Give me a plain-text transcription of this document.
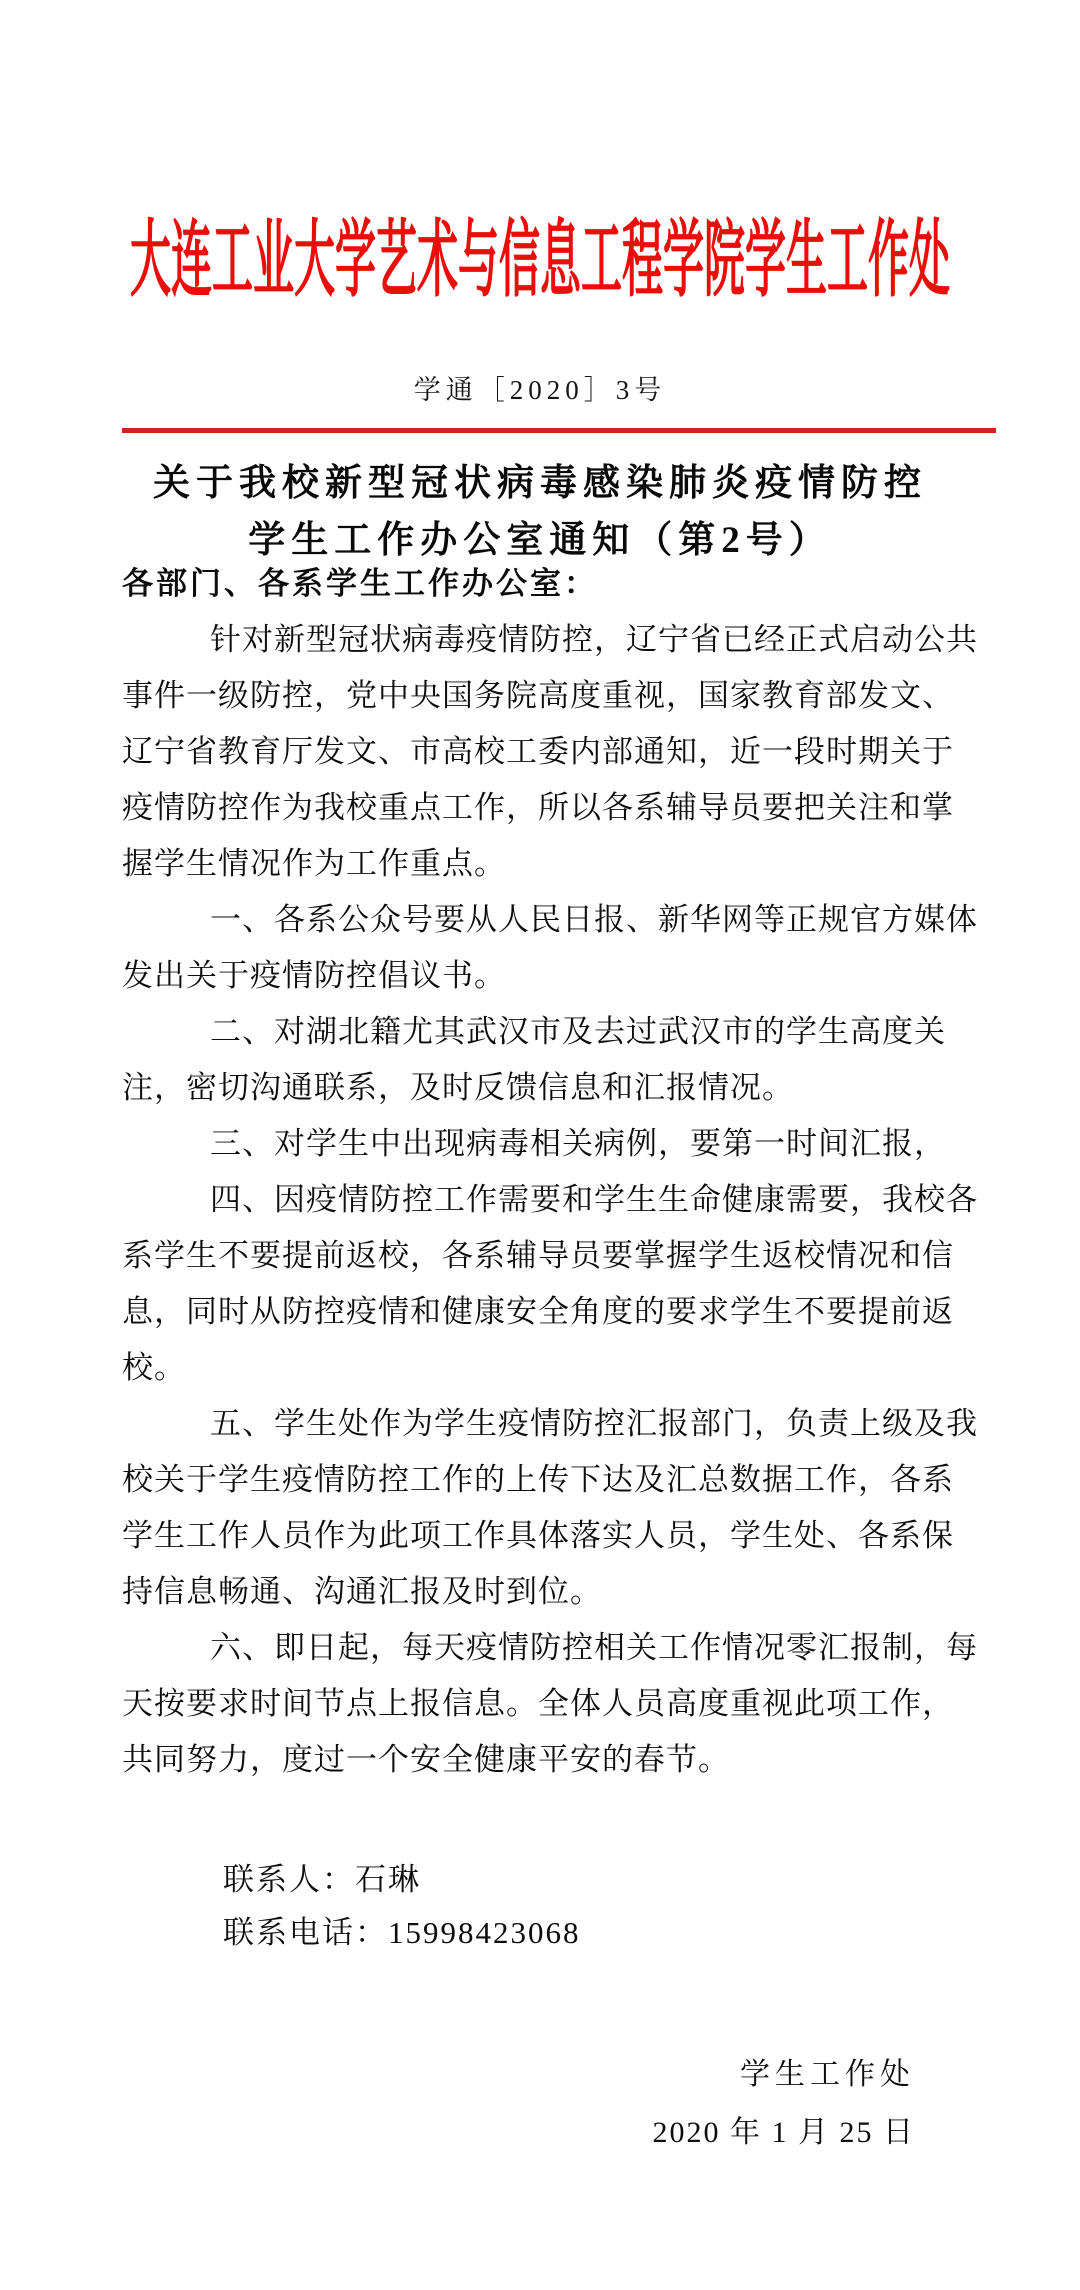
大连工业大学艺术与信息工程学院学生工作处
学通［2020］3号
关于我校新型冠状病毒感染肺炎疫情防控
学生工作办公室通知（第2号）
各部门、各系学生工作办公室：
针对新型冠状病毒疫情防控，辽宁省已经正式启动公共
事件一级防控，党中央国务院高度重视，国家教育部发文、
辽宁省教育厅发文、市高校工委内部通知，近一段时期关于
疫情防控作为我校重点工作，所以各系辅导员要把关注和掌
握学生情况作为工作重点。
一、各系公众号要从人民日报、新华网等正规官方媒体
发出关于疫情防控倡议书。
二、对湖北籍尤其武汉市及去过武汉市的学生高度关
注，密切沟通联系，及时反馈信息和汇报情况。
三、对学生中出现病毒相关病例，要第一时间汇报，
四、因疫情防控工作需要和学生生命健康需要，我校各
系学生不要提前返校，各系辅导员要掌握学生返校情况和信
息，同时从防控疫情和健康安全角度的要求学生不要提前返
校。
五、学生处作为学生疫情防控汇报部门，负责上级及我
校关于学生疫情防控工作的上传下达及汇总数据工作，各系
学生工作人员作为此项工作具体落实人员，学生处、各系保
持信息畅通、沟通汇报及时到位。
六、即日起，每天疫情防控相关工作情况零汇报制，每
天按要求时间节点上报信息。全体人员高度重视此项工作，
共同努力，度过一个安全健康平安的春节。
联系人：石琳
联系电话：15998423068
学生工作处
2020 年 1 月 25 日
